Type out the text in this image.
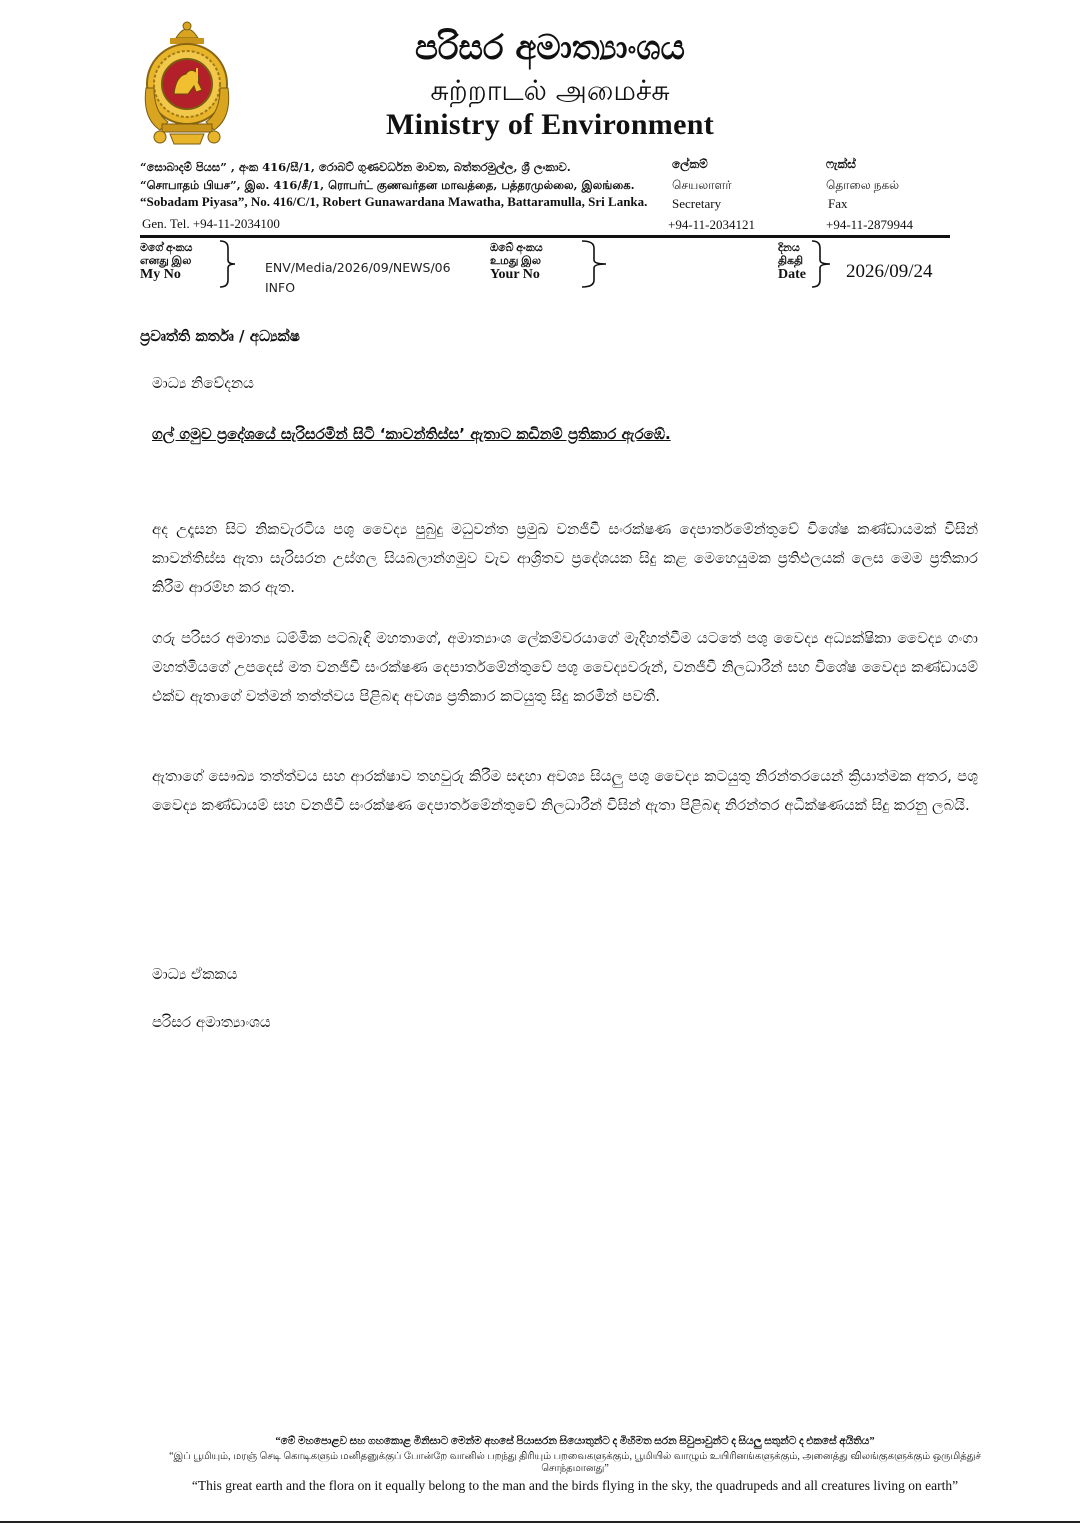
පරිසර අමාත්‍යාංශය
சுற்றாடல் அமைச்சு
Ministry of Environment
“සොබාදම් පියස” , අංක 416/සී/1, රොබට් ගුණවර්ධන මාවත, බත්තරමුල්ල, ශ්‍රී ලංකාව.
“சொபாதம் பியச”, இல. 416/சீ/1, ரொபர்ட் குணவர்தன மாவத்தை, பத்தரமுல்லை, இலங்கை.
“Sobadam Piyasa”, No. 416/C/1, Robert Gunawardana Mawatha, Battaramulla, Sri Lanka.
Gen. Tel. +94-11-2034100
ලේකම්
செயலாளர்
Secretary
+94-11-2034121
ෆැක්ස්
தொலை நகல்
Fax
+94-11-2879944
මගේ අංකය
எனது இல
My No	ENV/Media/2026/09/NEWS/06 INFO
ඔබේ අංකය
உமது இல
Your No
දිනය
திகதி
Date 2026/09/24
ප්‍රවෘත්ති කර්තෘ / අධ්‍යක්ෂ
මාධ්‍ය නිවේදනය
ගල් ගමුව ප්‍රදේශයේ සැරිසරමින් සිටි ‘කාවන්තිස්ස’ ඇතාට කඩිනම් ප්‍රතිකාර ඇරඹේ.

අද උදෑසන සිට නිකවැරටිය පශු වෛද්‍ය පුබුදු මධුවන්ත ප්‍රමුඛ වනජීවී සංරක්ෂණ දෙපාර්තමේන්තුවේ විශේෂ කණ්ඩායමක් විසින් කාවන්තිස්ස ඇතා සැරිසරන උස්ගල සියබලාන්ගමුව වැව ආශ්‍රිතව ප්‍රදේශයක සිදු කළ මෙහෙයුමක ප්‍රතිඵලයක් ලෙස මෙම ප්‍රතිකාර කිරීම ආරම්භ කර ඇත.

ගරු පරිසර අමාත්‍ය ධම්මික පටබැඳි මහතාගේ, අමාත්‍යාංශ ලේකම්වරයාගේ මැදිහත්වීම යටතේ පශු වෛද්‍ය අධ්‍යක්ෂිකා වෛද්‍ය ගංගා මහත්මියගේ උපදෙස් මත වනජීවී සංරක්ෂණ දෙපාර්තමේන්තුවේ පශු වෛද්‍යවරුන්, වනජීවී නිලධාරීන් සහ විශේෂ වෛද්‍ය කණ්ඩායම් එක්ව ඇතාගේ වත්මන් තත්ත්වය පිළිබඳ අවශ්‍ය ප්‍රතිකාර කටයුතු සිදු කරමින් පවතී.

ඇතාගේ සෞඛ්‍ය තත්ත්වය සහ ආරක්ෂාව තහවුරු කිරීම සඳහා අවශ්‍ය සියලු පශු වෛද්‍ය කටයුතු නිරන්තරයෙන් ක්‍රියාත්මක අතර, පශු වෛද්‍ය කණ්ඩායම් සහ වනජීවී සංරක්ෂණ දෙපාර්තමේන්තුවේ නිලධාරීන් විසින් ඇතා පිළිබඳ නිරන්තර අධීක්ෂණයක් සිදු කරනු ලබයි.

මාධ්‍ය ඒකකය
පරිසර අමාත්‍යාංශය
“මේ මහපොළව සහ ගහකොළ මිනිසාට මෙන්ම අහසේ පියාසරන සියොතුන්ට ද මිහිමත සරන සිවුපාවුන්ට ද සියලු සතුන්ට ද එකසේ අයිතිය”
“இப் பூமியும், மரஞ் செடி கொடிகளும் மனிதனுக்குப் போன்றே வானில் பறந்து திரியும் பறவைகளுக்கும், பூமியில் வாழும் உயிரினங்களுக்கும், அனைத்து விலங்குகளுக்கும் ஒருமித்துச் சொந்தமானது”
“This great earth and the flora on it equally belong to the man and the birds flying in the sky, the quadrupeds and all creatures living on earth”
